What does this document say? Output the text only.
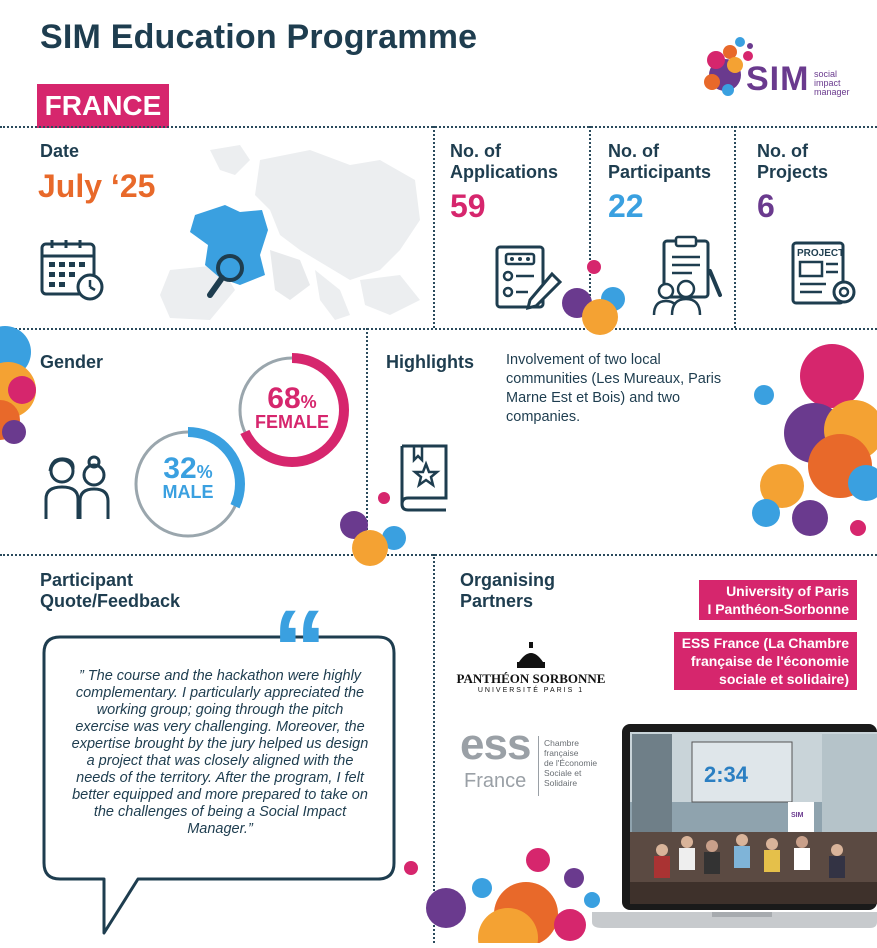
SIM Education Programme
FRANCE
SIM social
impact
manager
Date
July ‘25
No. of
Applications
59
No. of
Participants
22
No. of
Projects
6
PROJECT
Gender
68%
FEMALE
32%
MALE
Highlights Involvement of two local communities (Les Mureaux, Paris Marne Est et Bois) and two companies.
Participant
Quote/Feedback “
” The course and the hackathon were highly complementary. I particularly appreciated the working group; going through the pitch exercise was very challenging. Moreover, the expertise brought by the jury helped us design a project that was closely aligned with the needs of the territory. After the program, I felt better equipped and more prepared to take on the challenges of being a Social Impact Manager.”
Organising
Partners	University of Paris
I Panthéon-Sorbonne
ESS France (La Chambre
française de l'économie
sociale et solidaire)
PANTHÉON SORBONNE
UNIVERSITÉ PARIS 1
ess
France
Chambre
française
de l'Économie
Sociale et
Solidaire	2:34
SIM
